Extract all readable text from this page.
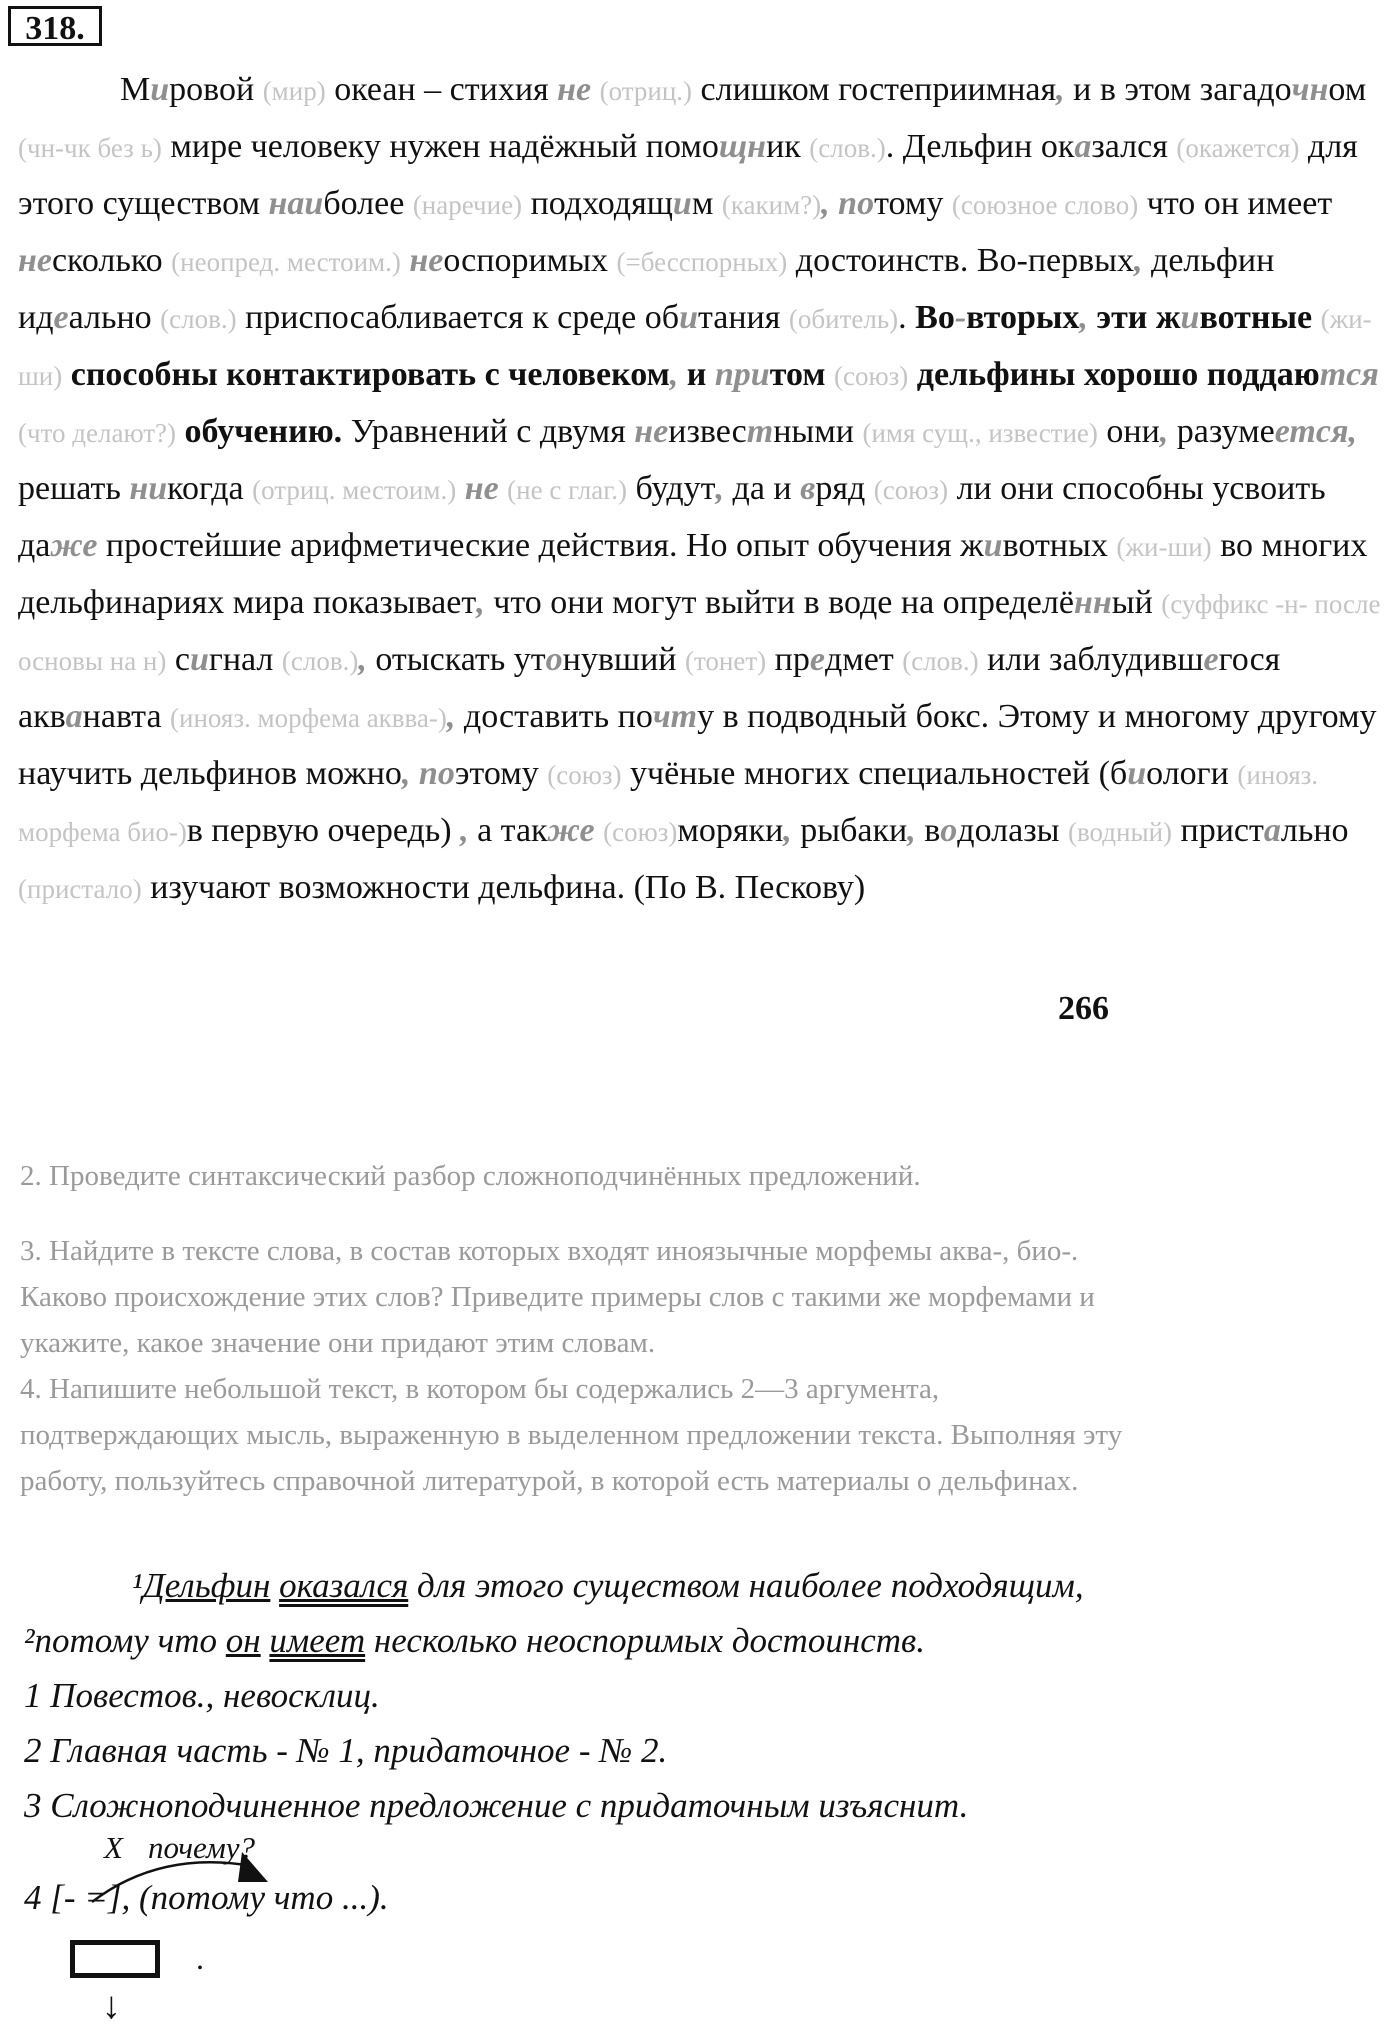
318.

Мировой (мир) океан – стихия не (отриц.) слишком гостеприимная, и в этом загадочном (чн-чк без ь) мире человеку нужен надёжный помощник (слов.). Дельфин оказался (окажется) для этого существом наиболее (наречие) подходящим (каким?), потому (союзное слово) что он имеет несколько (неопред. местоим.) неоспоримых (=бесспорных) достоинств. Во-первых, дельфин идеально (слов.) приспосабливается к среде обитания (обитель). Во-вторых, эти животные (жи-ши) способны контактировать с человеком, и притом (союз) дельфины хорошо поддаются (что делают?) обучению. Уравнений с двумя неизвестными (имя сущ., известие) они, разумеется, решать никогда (отриц. местоим.) не (не с глаг.) будут, да и вряд (союз) ли они способны усвоить даже простейшие арифметические действия. Но опыт обучения животных (жи-ши) во многих дельфинариях мира показывает, что они могут выйти в воде на определённый (суффикс -н- после основы на н) сигнал (слов.), отыскать утонувший (тонет) предмет (слов.) или заблудившегося акванавта (инояз. морфема аквва-), доставить почту в подводный бокс. Этому и многому другому научить дельфинов можно, поэтому (союз) учёные многих специальностей (биологи (инояз. морфема био-)в первую очередь) , а также (союз)моряки, рыбаки, водолазы (водный) пристально (пристало) изучают возможности дельфина. (По В. Пескову)

266

2. Проведите синтаксический разбор сложноподчинённых предложений.

3. Найдите в тексте слова, в состав которых входят иноязычные морфемы аква-, био-.

Каково происхождение этих слов? Приведите примеры слов с такими же морфемами и

укажите, какое значение они придают этим словам.

4. Напишите небольшой текст, в котором бы содержались 2—3 аргумента,

подтверждающих мысль, выраженную в выделенном предложении текста. Выполняя эту

работу, пользуйтесь справочной литературой, в которой есть материалы о дельфинах.

¹Дельфин оказался для этого существом наиболее подходящим,

²потому что он имеет несколько неоспоримых достоинств.

1 Повестов., невосклиц.

2 Главная часть - № 1, придаточное - № 2.

3 Сложноподчиненное предложение с придаточным изъяснит.

X почему?
4 [- =], (потому что ...).
.
↓
